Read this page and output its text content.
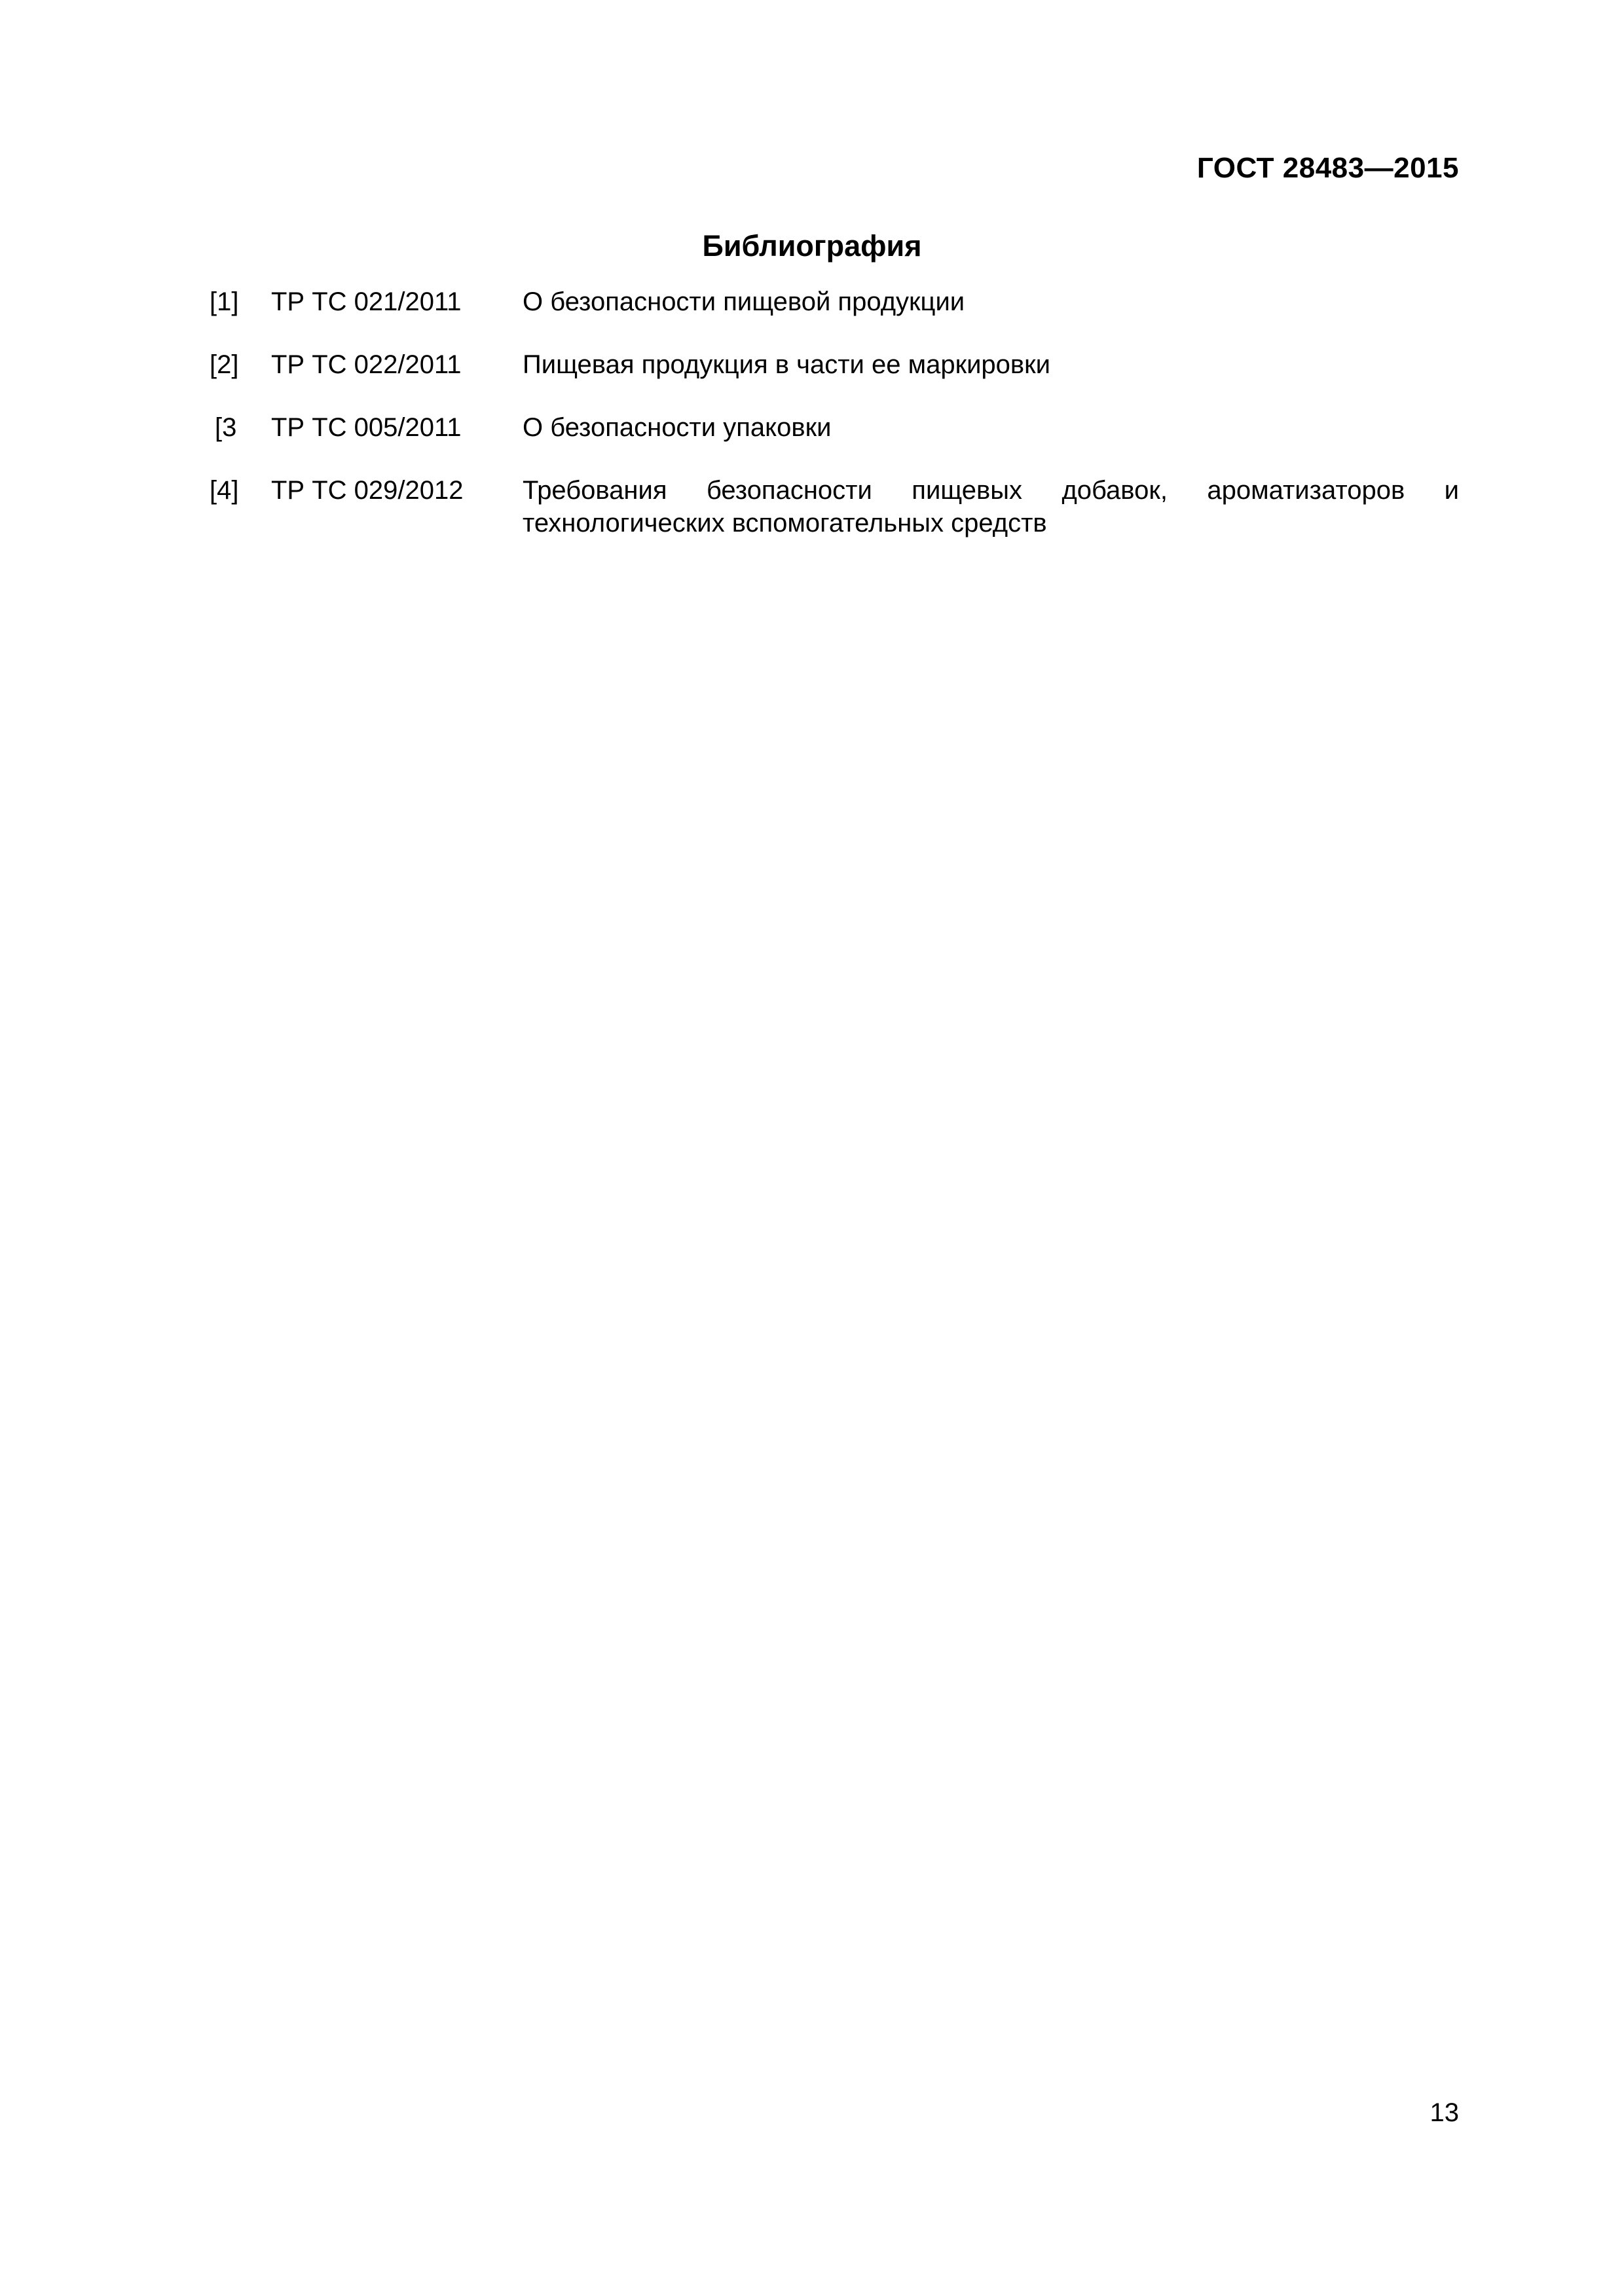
ГОСТ 28483—2015
Библиография
[1]	ТР ТС 021/2011 О безопасности пищевой продукции
[2]	ТР ТС 022/2011 Пищевая продукция в части ее маркировки
[3	ТР ТС 005/2011 О безопасности упаковки
[4]	ТР ТС 029/2012 Требования безопасности пищевых добавок, ароматизаторов и технологических вспомогательных средств
13
